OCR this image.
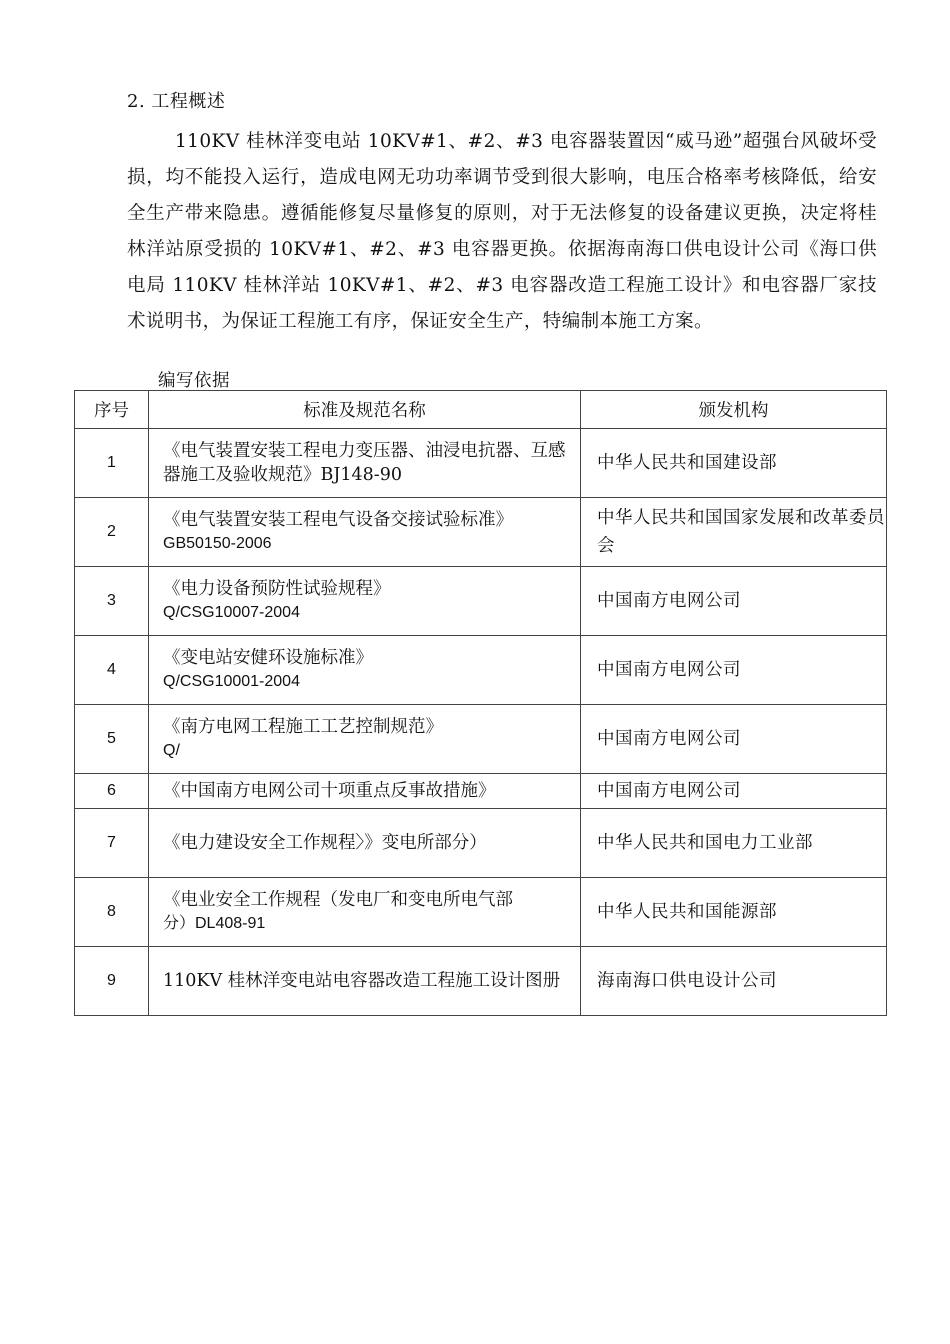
2. 工程概述
110KV 桂林洋变电站 10KV#1、#2、#3 电容器装置因“威马逊”超强台风破坏受损，均不能投入运行，造成电网无功功率调节受到很大影响，电压合格率考核降低，给安全生产带来隐患。遵循能修复尽量修复的原则，对于无法修复的设备建议更换，决定将桂林洋站原受损的 10KV#1、#2、#3 电容器更换。依据海南海口供电设计公司《海口供电局 110KV 桂林洋站 10KV#1、#2、#3 电容器改造工程施工设计》和电容器厂家技术说明书，为保证工程施工有序，保证安全生产，特编制本施工方案。
编写依据
序号	标准及规范名称	颁发机构
1	《电气装置安装工程电力变压器、油浸电抗器、互感器施工及验收规范》BJ148-90	中华人民共和国建设部
2	《电气装置安装工程电气设备交接试验标准》
GB50150-2006	中华人民共和国国家发展和改革委员会
3	《电力设备预防性试验规程》
Q/CSG10007-2004	中国南方电网公司
4	《变电站安健环设施标准》
Q/CSG10001-2004	中国南方电网公司
5	《南方电网工程施工工艺控制规范》
Q/	中国南方电网公司
6	《中国南方电网公司十项重点反事故措施》	中国南方电网公司
7	《电力建设安全工作规程〉》变电所部分）	中华人民共和国电力工业部
8	《电业安全工作规程（发电厂和变电所电气部
分）DL408-91	中华人民共和国能源部
9	110KV 桂林洋变电站电容器改造工程施工设计图册	海南海口供电设计公司
